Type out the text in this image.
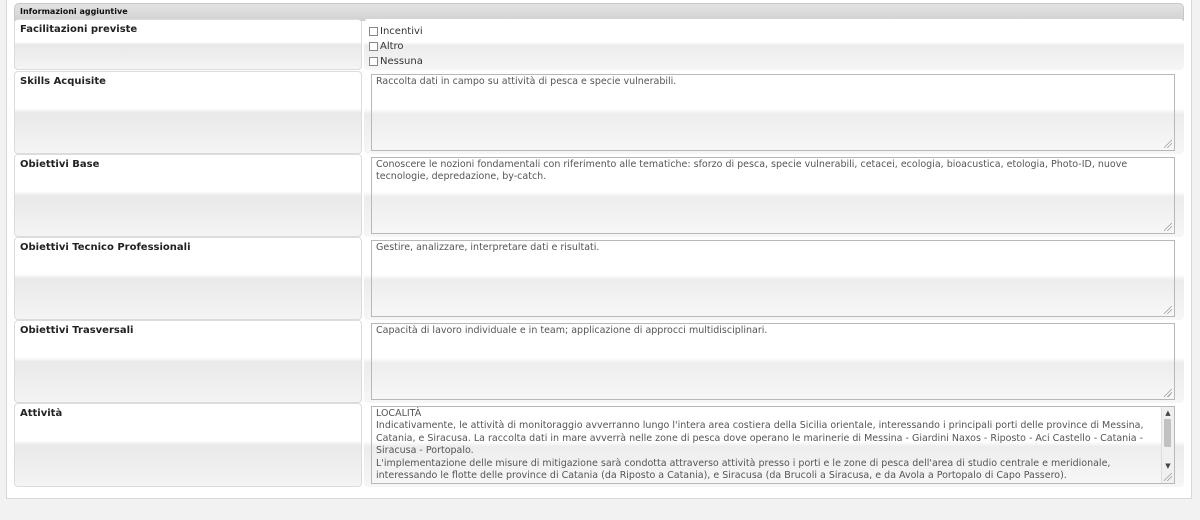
Informazioni aggiuntive
Facilitazioni previste	Incentivi
Altro
Nessuna
Skills Acquisite	Raccolta dati in campo su attività di pesca e specie vulnerabili.

Obiettivi Base	Conoscere le nozioni fondamentali con riferimento alle tematiche: sforzo di pesca, specie vulnerabili, cetacei, ecologia, bioacustica, etologia, Photo-ID, nuove tecnologie, depredazione, by-catch.

Obiettivi Tecnico Professionali	Gestire, analizzare, interpretare dati e risultati.

Obiettivi Trasversali	Capacità di lavoro individuale e in team; applicazione di approcci multidisciplinari.

Attività	LOCALITÀ

Indicativamente, le attività di monitoraggio avverranno lungo l'intera area costiera della Sicilia orientale, interessando i principali porti delle province di Messina, Catania, e Siracusa. La raccolta dati in mare avverrà nelle zone di pesca dove operano le marinerie di Messina - Giardini Naxos - Riposto - Aci Castello - Catania - Siracusa - Portopalo.

L'implementazione delle misure di mitigazione sarà condotta attraverso attività presso i porti e le zone di pesca dell'area di studio centrale e meridionale, interessando le flotte delle province di Catania (da Riposto a Catania), e Siracusa (da Brucoli a Siracusa, e da Avola a Portopalo di Capo Passero).

▲
▼
